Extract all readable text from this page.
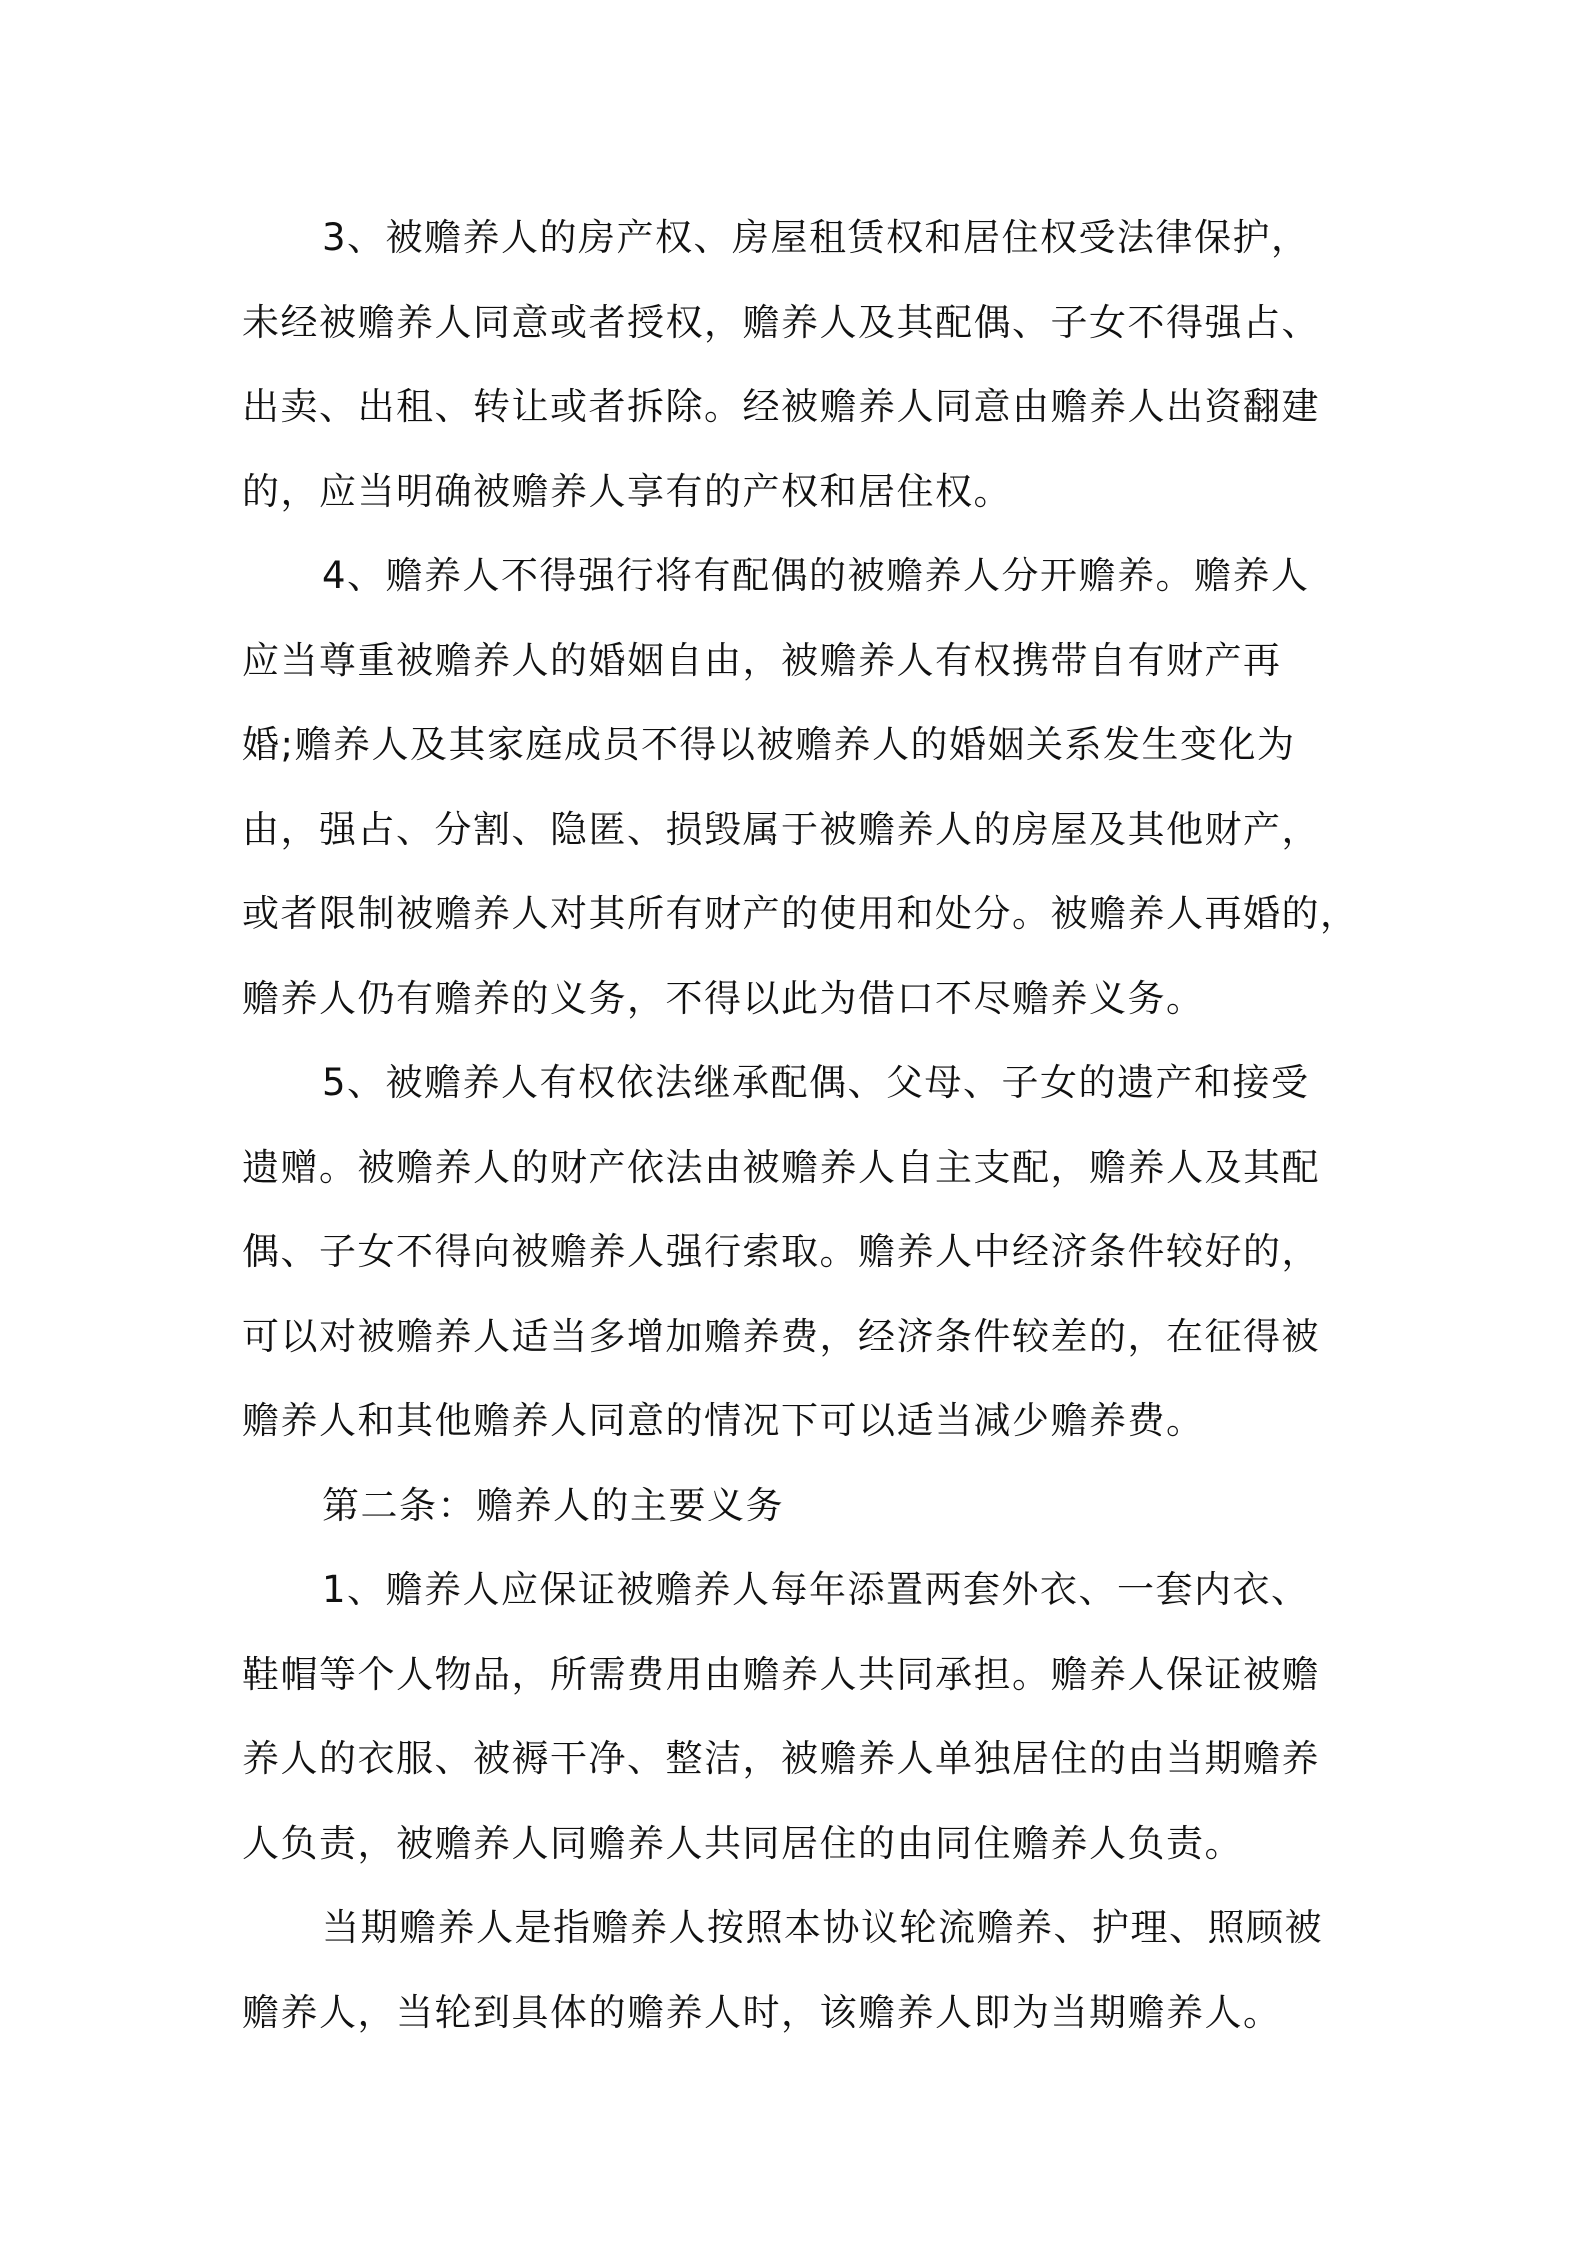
3、被赡养人的房产权、房屋租赁权和居住权受法律保护，
未经被赡养人同意或者授权，赡养人及其配偶、子女不得强占、
出卖、出租、转让或者拆除。经被赡养人同意由赡养人出资翻建
的，应当明确被赡养人享有的产权和居住权。
4、赡养人不得强行将有配偶的被赡养人分开赡养。赡养人
应当尊重被赡养人的婚姻自由，被赡养人有权携带自有财产再
婚;赡养人及其家庭成员不得以被赡养人的婚姻关系发生变化为
由，强占、分割、隐匿、损毁属于被赡养人的房屋及其他财产，
或者限制被赡养人对其所有财产的使用和处分。被赡养人再婚的，
赡养人仍有赡养的义务，不得以此为借口不尽赡养义务。
5、被赡养人有权依法继承配偶、父母、子女的遗产和接受
遗赠。被赡养人的财产依法由被赡养人自主支配，赡养人及其配
偶、子女不得向被赡养人强行索取。赡养人中经济条件较好的，
可以对被赡养人适当多增加赡养费，经济条件较差的，在征得被
赡养人和其他赡养人同意的情况下可以适当减少赡养费。
第二条：赡养人的主要义务
1、赡养人应保证被赡养人每年添置两套外衣、一套内衣、
鞋帽等个人物品，所需费用由赡养人共同承担。赡养人保证被赡
养人的衣服、被褥干净、整洁，被赡养人单独居住的由当期赡养
人负责，被赡养人同赡养人共同居住的由同住赡养人负责。
当期赡养人是指赡养人按照本协议轮流赡养、护理、照顾被
赡养人，当轮到具体的赡养人时，该赡养人即为当期赡养人。
